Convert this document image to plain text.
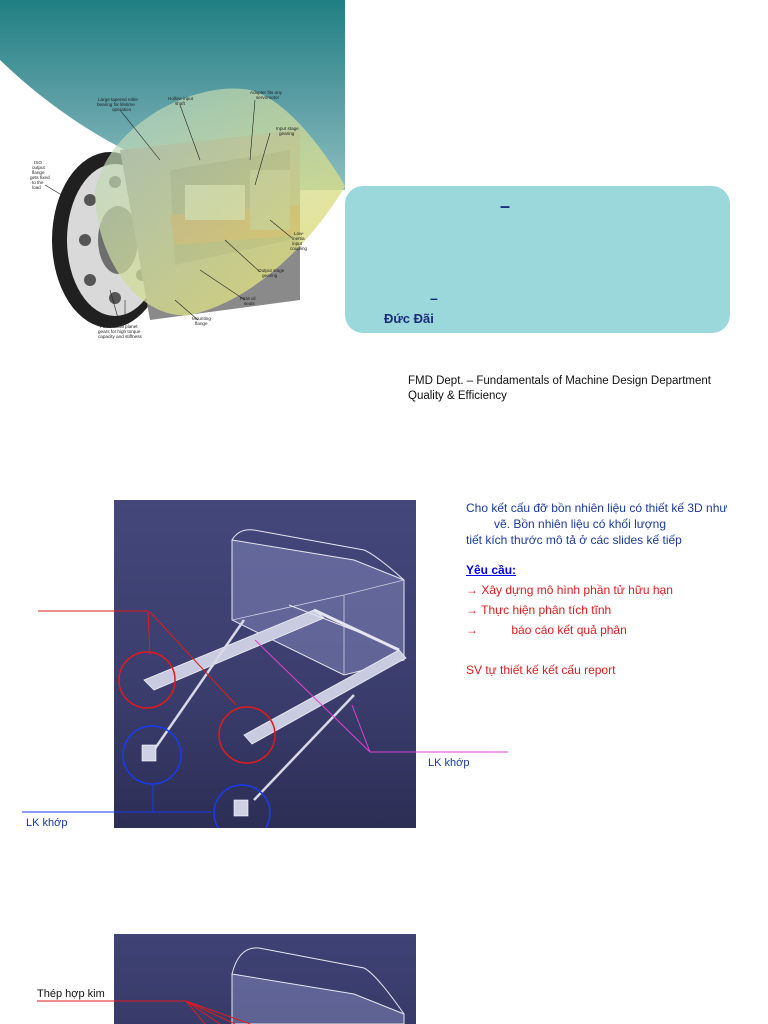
Large tapered roller bearing for lifetime operation
Hollow input shaft
Adapter fits any servomotor
Input stage gearing
ISO output flange gets fixed to the load
Low-inertia input coupling
Output stage gearing
FKM oil seals
Mounting flange
Four helical planet gears for high torque capacity and stiffness
–
–
Đức Đãi
FMD Dept. – Fundamentals of Machine Design Department
Quality & Efficiency
Cho kết cấu đỡ bồn nhiên liệu có thiết kế 3D như
vẽ. Bồn nhiên liệu có khối lượng
tiết kích thước mô tả ở các slides kế tiếp
Yêu cầu:
→ Xây dựng mô hình phần tử hữu hạn
→ Thực hiện phân tích tĩnh
→          báo cáo kết quả phân
SV tự thiết kế kết cấu report
LK khớp
LK khớp
Thép hợp kim
